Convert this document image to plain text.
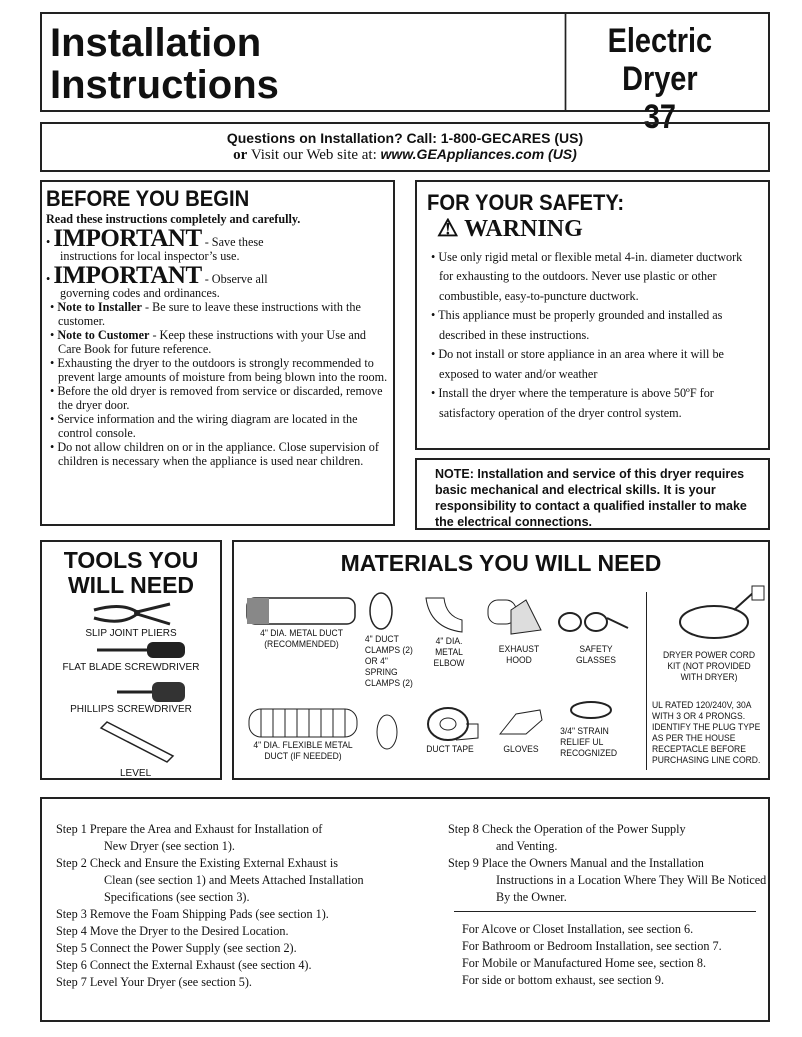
Installation
Instructions
Electric Dryer
37
Questions on Installation? Call: 1-800-GECARES (US)
or Visit our Web site at: www.GEAppliances.com (US)
BEFORE YOU BEGIN
Read these instructions completely and carefully.
• IMPORTANT - Save these
instructions for local inspector’s use.
• IMPORTANT - Observe all
governing codes and ordinances.
• Note to Installer - Be sure to leave these instructions with the customer.
• Note to Customer - Keep these instructions with your Use and Care Book for future reference.
• Exhausting the dryer to the outdoors is strongly recommended to prevent large amounts of moisture from being blown into the room.
• Before the old dryer is removed from service or discarded, remove the dryer door.
• Service information and the wiring diagram are located in the control console.
• Do not allow children on or in the appliance. Close supervision of children is necessary when the appliance is used near children.
FOR YOUR SAFETY:
⚠ WARNING
• Use only rigid metal or flexible metal 4-in. diameter ductwork for exhausting to the outdoors. Never use plastic or other combustible, easy-to-puncture ductwork.
• This appliance must be properly grounded and installed as described in these instructions.
• Do not install or store appliance in an area where it will be exposed to water and/or weather
• Install the dryer where the temperature is above 50ºF for satisfactory operation of the dryer control system.
NOTE: Installation and service of this dryer requires basic mechanical and electrical skills. It is your responsibility to contact a qualified installer to make the electrical connections.
TOOLS YOU WILL NEED
SLIP JOINT PLIERS
FLAT BLADE SCREWDRIVER
PHILLIPS SCREWDRIVER
LEVEL
MATERIALS YOU WILL NEED
4" DIA. METAL DUCT (RECOMMENDED)	4" DUCT CLAMPS (2) OR 4" SPRING CLAMPS (2)
4" DIA. METAL ELBOW
EXHAUST HOOD
SAFETY GLASSES	DRYER POWER CORD KIT (NOT PROVIDED WITH DRYER)
UL RATED 120/240V, 30A WITH 3 OR 4 PRONGS. IDENTIFY THE PLUG TYPE AS PER THE HOUSE RECEPTACLE BEFORE PURCHASING LINE CORD.
4" DIA. FLEXIBLE METAL DUCT (IF NEEDED)
DUCT TAPE	GLOVES
3/4" STRAIN RELIEF UL RECOGNIZED
Step 1 Prepare the Area and Exhaust for Installation of
New Dryer (see section 1).
Step 2 Check and Ensure the Existing External Exhaust is
Clean (see section 1) and Meets Attached Installation Specifications (see section 3).
Step 3 Remove the Foam Shipping Pads (see section 1).
Step 4 Move the Dryer to the Desired Location.
Step 5 Connect the Power Supply (see section 2).
Step 6 Connect the External Exhaust (see section 4).
Step 7 Level Your Dryer (see section 5).
Step 8 Check the Operation of the Power Supply
and Venting.
Step 9 Place the Owners Manual and the Installation
Instructions in a Location Where They Will Be Noticed By the Owner.
For Alcove or Closet Installation, see section 6.
For Bathroom or Bedroom Installation, see section 7.
For Mobile or Manufactured Home see, section 8.
For side or bottom exhaust, see section 9.
